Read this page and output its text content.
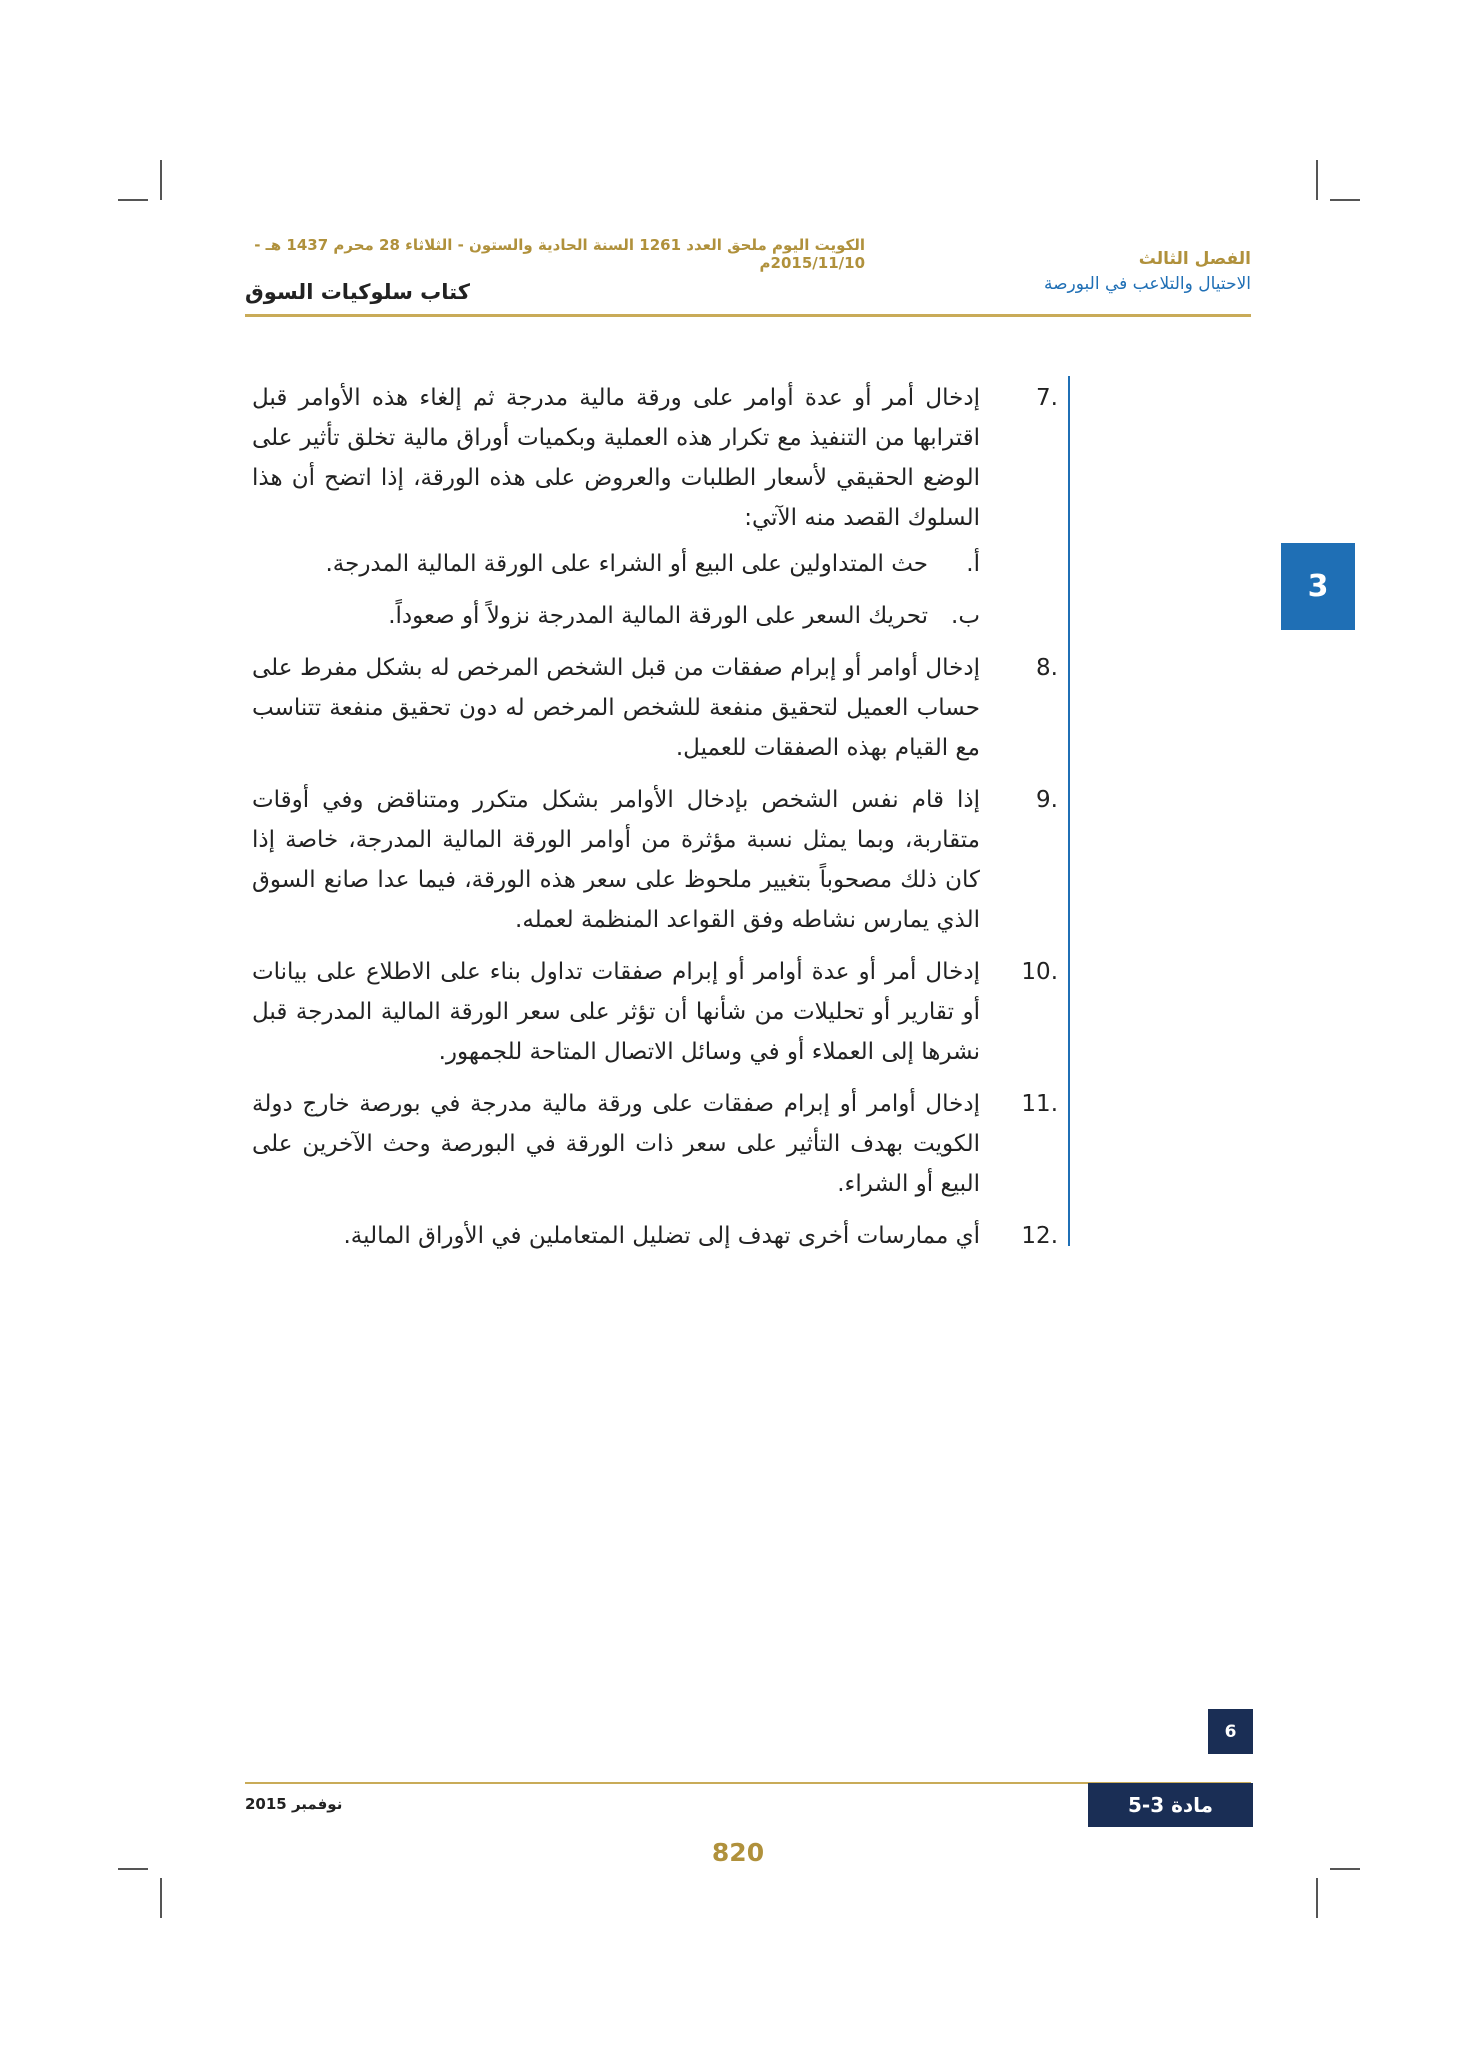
الكويت اليوم ملحق العدد 1261 السنة الحادية والستون - الثلاثاء 28 محرم 1437 هـ - 2015/11/10م	الفصل الثالث
الاحتيال والتلاعب في البورصة
كتاب سلوكيات السوق
3
7.
إدخال أمر أو عدة أوامر على ورقة مالية مدرجة ثم إلغاء هذه الأوامر قبل اقترابها من التنفيذ مع تكرار هذه العملية وبكميات أوراق مالية تخلق تأثير على الوضع الحقيقي لأسعار الطلبات والعروض على هذه الورقة، إذا اتضح أن هذا السلوك القصد منه الآتي:
أ.
حث المتداولين على البيع أو الشراء على الورقة المالية المدرجة.
ب.
تحريك السعر على الورقة المالية المدرجة نزولاً أو صعوداً.
8.
إدخال أوامر أو إبرام صفقات من قبل الشخص المرخص له بشكل مفرط على حساب العميل لتحقيق منفعة للشخص المرخص له دون تحقيق منفعة تتناسب مع القيام بهذه الصفقات للعميل.
9.
إذا قام نفس الشخص بإدخال الأوامر بشكل متكرر ومتناقض وفي أوقات متقاربة، وبما يمثل نسبة مؤثرة من أوامر الورقة المالية المدرجة، خاصة إذا كان ذلك مصحوباً بتغيير ملحوظ على سعر هذه الورقة، فيما عدا صانع السوق الذي يمارس نشاطه وفق القواعد المنظمة لعمله.
10.
إدخال أمر أو عدة أوامر أو إبرام صفقات تداول بناء على الاطلاع على بيانات أو تقارير أو تحليلات من شأنها أن تؤثر على سعر الورقة المالية المدرجة قبل نشرها إلى العملاء أو في وسائل الاتصال المتاحة للجمهور.
11.
إدخال أوامر أو إبرام صفقات على ورقة مالية مدرجة في بورصة خارج دولة الكويت بهدف التأثير على سعر ذات الورقة في البورصة وحث الآخرين على البيع أو الشراء.
12.
أي ممارسات أخرى تهدف إلى تضليل المتعاملين في الأوراق المالية.
6
نوفمبر 2015	مادة 3-5
820
